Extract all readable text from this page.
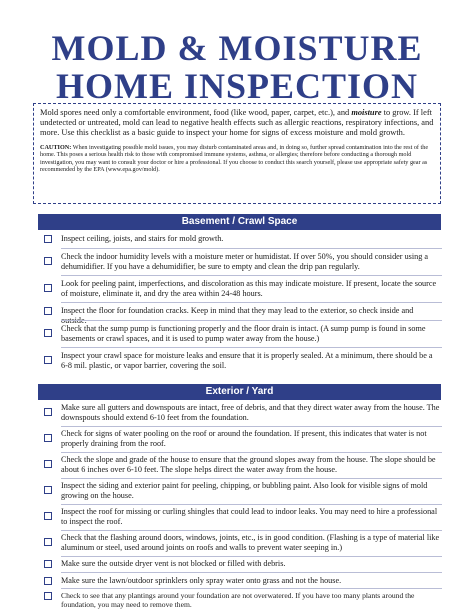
MOLD & MOISTURE
HOME INSPECTION

Mold spores need only a comfortable environment, food (like wood, paper, carpet, etc.), and moisture to grow. If left undetected or untreated, mold can lead to negative health effects such as allergic reactions, respiratory infections, and more. Use this checklist as a basic guide to inspect your home for signs of excess moisture and mold growth.

CAUTION: When investigating possible mold issues, you may disturb contaminated areas and, in doing so, further spread contamination into the rest of the home. This poses a serious health risk to those with compromised immune systems, asthma, or allergies; therefore before conducting a thorough mold investigation, you may want to consult your doctor or hire a professional. If you choose to conduct this search yourself, please use appropriate safety gear as recommended by the EPA (www.epa.gov/mold).

Basement / Crawl Space
Inspect ceiling, joists, and stairs for mold growth.
Check the indoor humidity levels with a moisture meter or humidistat. If over 50%, you should consider using a dehumidifier. If you have a dehumidifier, be sure to empty and clean the drip pan regularly.
Look for peeling paint, imperfections, and discoloration as this may indicate moisture. If present, locate the source of moisture, eliminate it, and dry the area within 24-48 hours.
Inspect the floor for foundation cracks. Keep in mind that they may lead to the exterior, so check inside and outside.
Check that the sump pump is functioning properly and the floor drain is intact. (A sump pump is found in some basements or crawl spaces, and it is used to pump water away from the house.)
Inspect your crawl space for moisture leaks and ensure that it is properly sealed. At a minimum, there should be a 6-8 mil. plastic, or vapor barrier, covering the soil.
Exterior / Yard
Make sure all gutters and downspouts are intact, free of debris, and that they direct water away from the house. The downspouts should extend 6-10 feet from the foundation.
Check for signs of water pooling on the roof or around the foundation. If present, this indicates that water is not properly draining from the roof.
Check the slope and grade of the house to ensure that the ground slopes away from the house. The slope should be about 6 inches over 6-10 feet. The slope helps direct the water away from the house.
Inspect the siding and exterior paint for peeling, chipping, or bubbling paint. Also look for visible signs of mold growing on the house.
Inspect the roof for missing or curling shingles that could lead to indoor leaks. You may need to hire a professional to inspect the roof.
Check that the flashing around doors, windows, joints, etc., is in good condition. (Flashing is a type of material like aluminum or steel, used around joints on roofs and walls to prevent water seeping in.)
Make sure the outside dryer vent is not blocked or filled with debris.
Make sure the lawn/outdoor sprinklers only spray water onto grass and not the house.
Check to see that any plantings around your foundation are not overwatered. If you have too many plants around the foundation, you may need to remove them.
